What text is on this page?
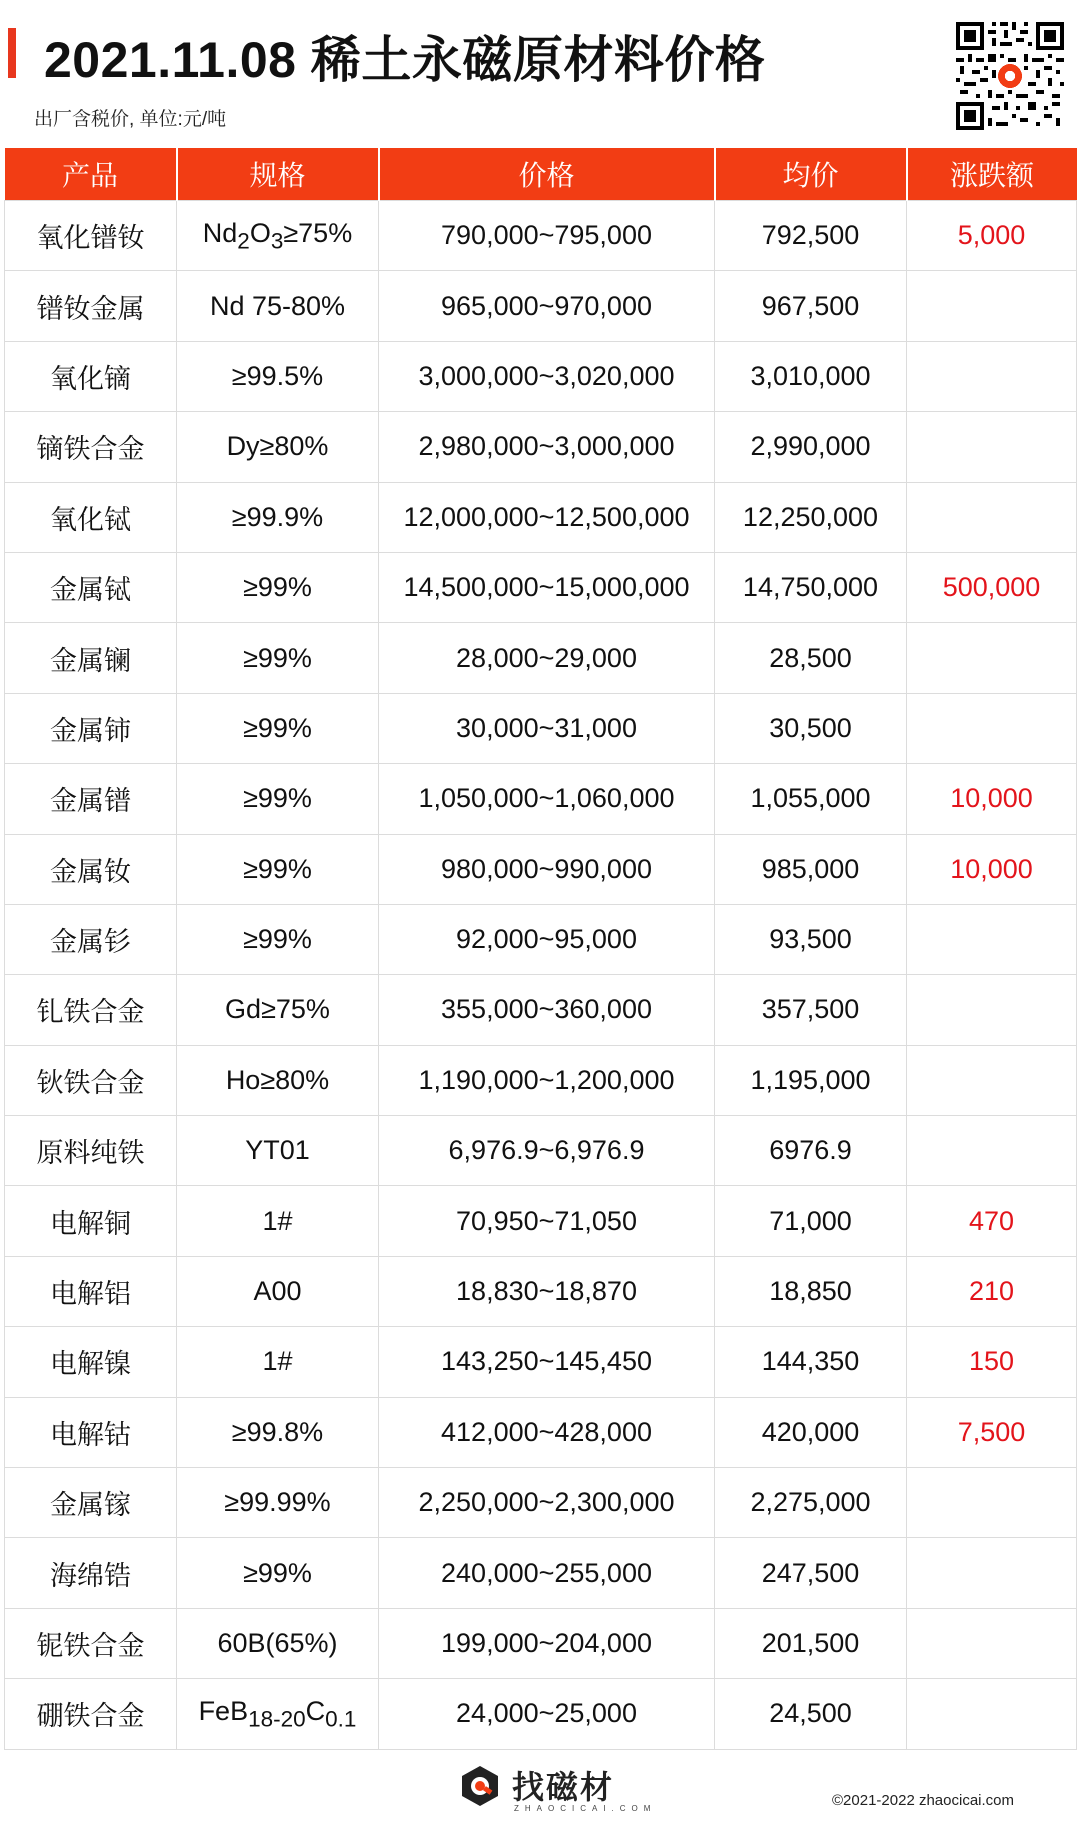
2021.11.08 稀土永磁原材料价格
出厂含税价, 单位:元/吨
产品	规格	价格	均价	涨跌额
氧化镨钕	$Nd_2O_3\ge 75\%$	790,000~795,000	792,500	5,000
镨钕金属	Nd 75-80%	965,000~970,000	967,500	
氧化镝	≥99.5%	3,000,000~3,020,000	3,010,000	
镝铁合金	Dy≥80%	2,980,000~3,000,000	2,990,000	
氧化铽	≥99.9%	12,000,000~12,500,000	12,250,000	
金属铽	≥99%	14,500,000~15,000,000	14,750,000	500,000
金属镧	≥99%	28,000~29,000	28,500	
金属铈	≥99%	30,000~31,000	30,500	
金属镨	≥99%	1,050,000~1,060,000	1,055,000	10,000
金属钕	≥99%	980,000~990,000	985,000	10,000
金属钐	≥99%	92,000~95,000	93,500	
钆铁合金	Gd≥75%	355,000~360,000	357,500	
钬铁合金	Ho≥80%	1,190,000~1,200,000	1,195,000	
原料纯铁	YT01	6,976.9~6,976.9	6976.9	
电解铜	1#	70,950~71,050	71,000	470
电解铝	A00	18,830~18,870	18,850	210
电解镍	1#	143,250~145,450	144,350	150
电解钴	≥99.8%	412,000~428,000	420,000	7,500
金属镓	≥99.99%	2,250,000~2,300,000	2,275,000	
海绵锆	≥99%	240,000~255,000	247,500	
铌铁合金	60B(65%)	199,000~204,000	201,500	
硼铁合金	$FeB_{18-20}C_{0.1}$	24,000~25,000	24,500	
找磁材
ZHAOCICAI.COM	©2021-2022 zhaocicai.com
